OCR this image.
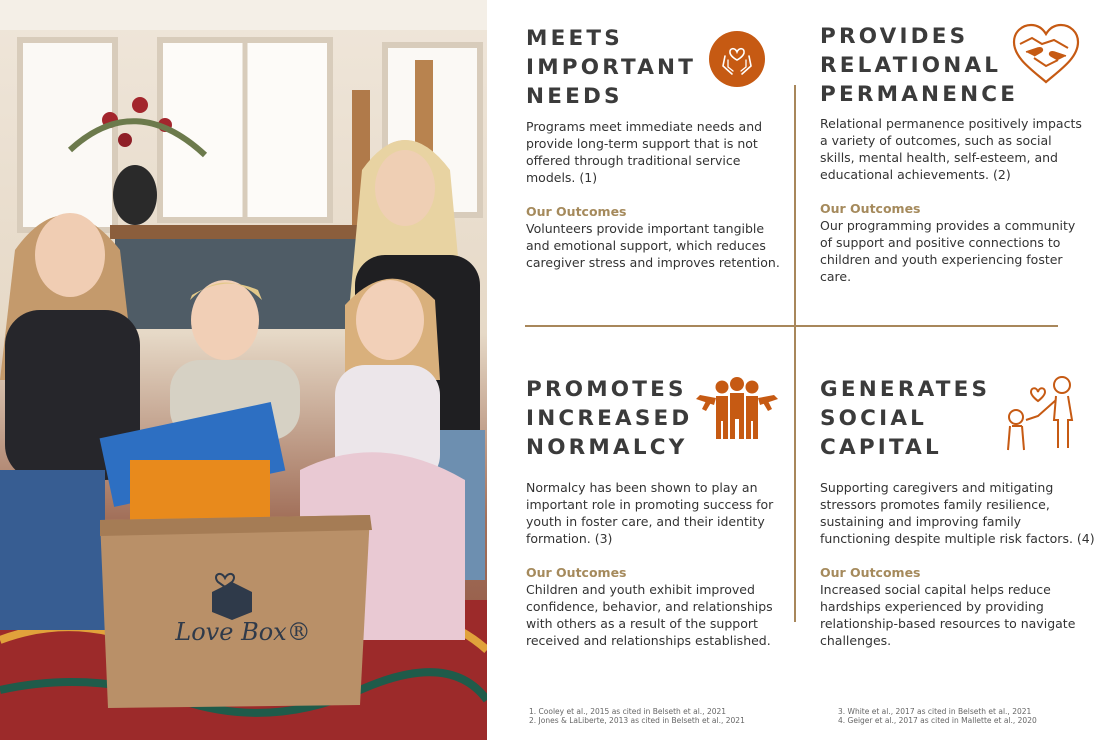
Love Box®
MEETS
IMPORTANT
NEEDS

Programs meet immediate needs and provide long-term support that is not offered through traditional service models. (1)

Our Outcomes

Volunteers provide important tangible and emotional support, which reduces caregiver stress and improves retention.

PROVIDES
RELATIONAL
PERMANENCE

Relational permanence positively impacts a variety of outcomes, such as social skills, mental health, self-esteem, and educational achievements. (2)

Our Outcomes

Our programming provides a community of support and positive connections to children and youth experiencing foster care.

PROMOTES
INCREASED
NORMALCY

Normalcy has been shown to play an important role in promoting success for youth in foster care, and their identity formation. (3)

Our Outcomes

Children and youth exhibit improved confidence, behavior, and relationships with others as a result of the support received and relationships established.

GENERATES
SOCIAL
CAPITAL

Supporting caregivers and mitigating stressors promotes family resilience, sustaining and improving family functioning despite multiple risk factors. (4)

Our Outcomes

Increased social capital helps reduce hardships experienced by providing relationship-based resources to navigate challenges.

1. Cooley et al., 2015 as cited in Belseth et al., 2021
2. Jones & LaLiberte, 2013 as cited in Belseth et al., 2021
3. White et al., 2017 as cited in Belseth et al., 2021
4. Geiger et al., 2017 as cited in Mallette et al., 2020
